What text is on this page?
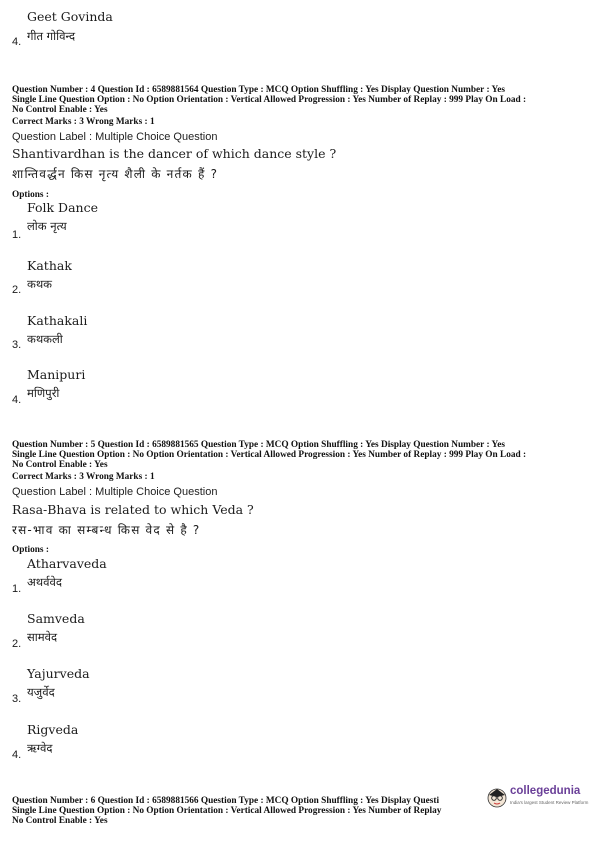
Geet Govinda
गीत गोविन्द
4.
Question Number : 4 Question Id : 6589881564 Question Type : MCQ Option Shuffling : Yes Display Question Number : Yes
Single Line Question Option : No Option Orientation : Vertical Allowed Progression : Yes Number of Replay : 999 Play On Load :
No Control Enable : Yes
Correct Marks : 3 Wrong Marks : 1
Question Label : Multiple Choice Question
Shantivardhan is the dancer of which dance style ?
शान्तिवर्द्धन किस नृत्य शैली के नर्तक हैं ?
Options :
Folk Dance
लोक नृत्य
1.
Kathak
कथक
2.
Kathakali
कथकली
3.
Manipuri
मणिपुरी
4.
Question Number : 5 Question Id : 6589881565 Question Type : MCQ Option Shuffling : Yes Display Question Number : Yes
Single Line Question Option : No Option Orientation : Vertical Allowed Progression : Yes Number of Replay : 999 Play On Load :
No Control Enable : Yes
Correct Marks : 3 Wrong Marks : 1
Question Label : Multiple Choice Question
Rasa-Bhava is related to which Veda ?
रस-भाव का सम्बन्ध किस वेद से है ?
Options :
Atharvaveda
अथर्ववेद
1.
Samveda
सामवेद
2.
Yajurveda
यजुर्वेद
3.
Rigveda
ऋग्वेद
4.
Question Number : 6 Question Id : 6589881566 Question Type : MCQ Option Shuffling : Yes Display Questi
Single Line Question Option : No Option Orientation : Vertical Allowed Progression : Yes Number of Replay
No Control Enable : Yes
collegedunia
India's largest Student Review Platform
